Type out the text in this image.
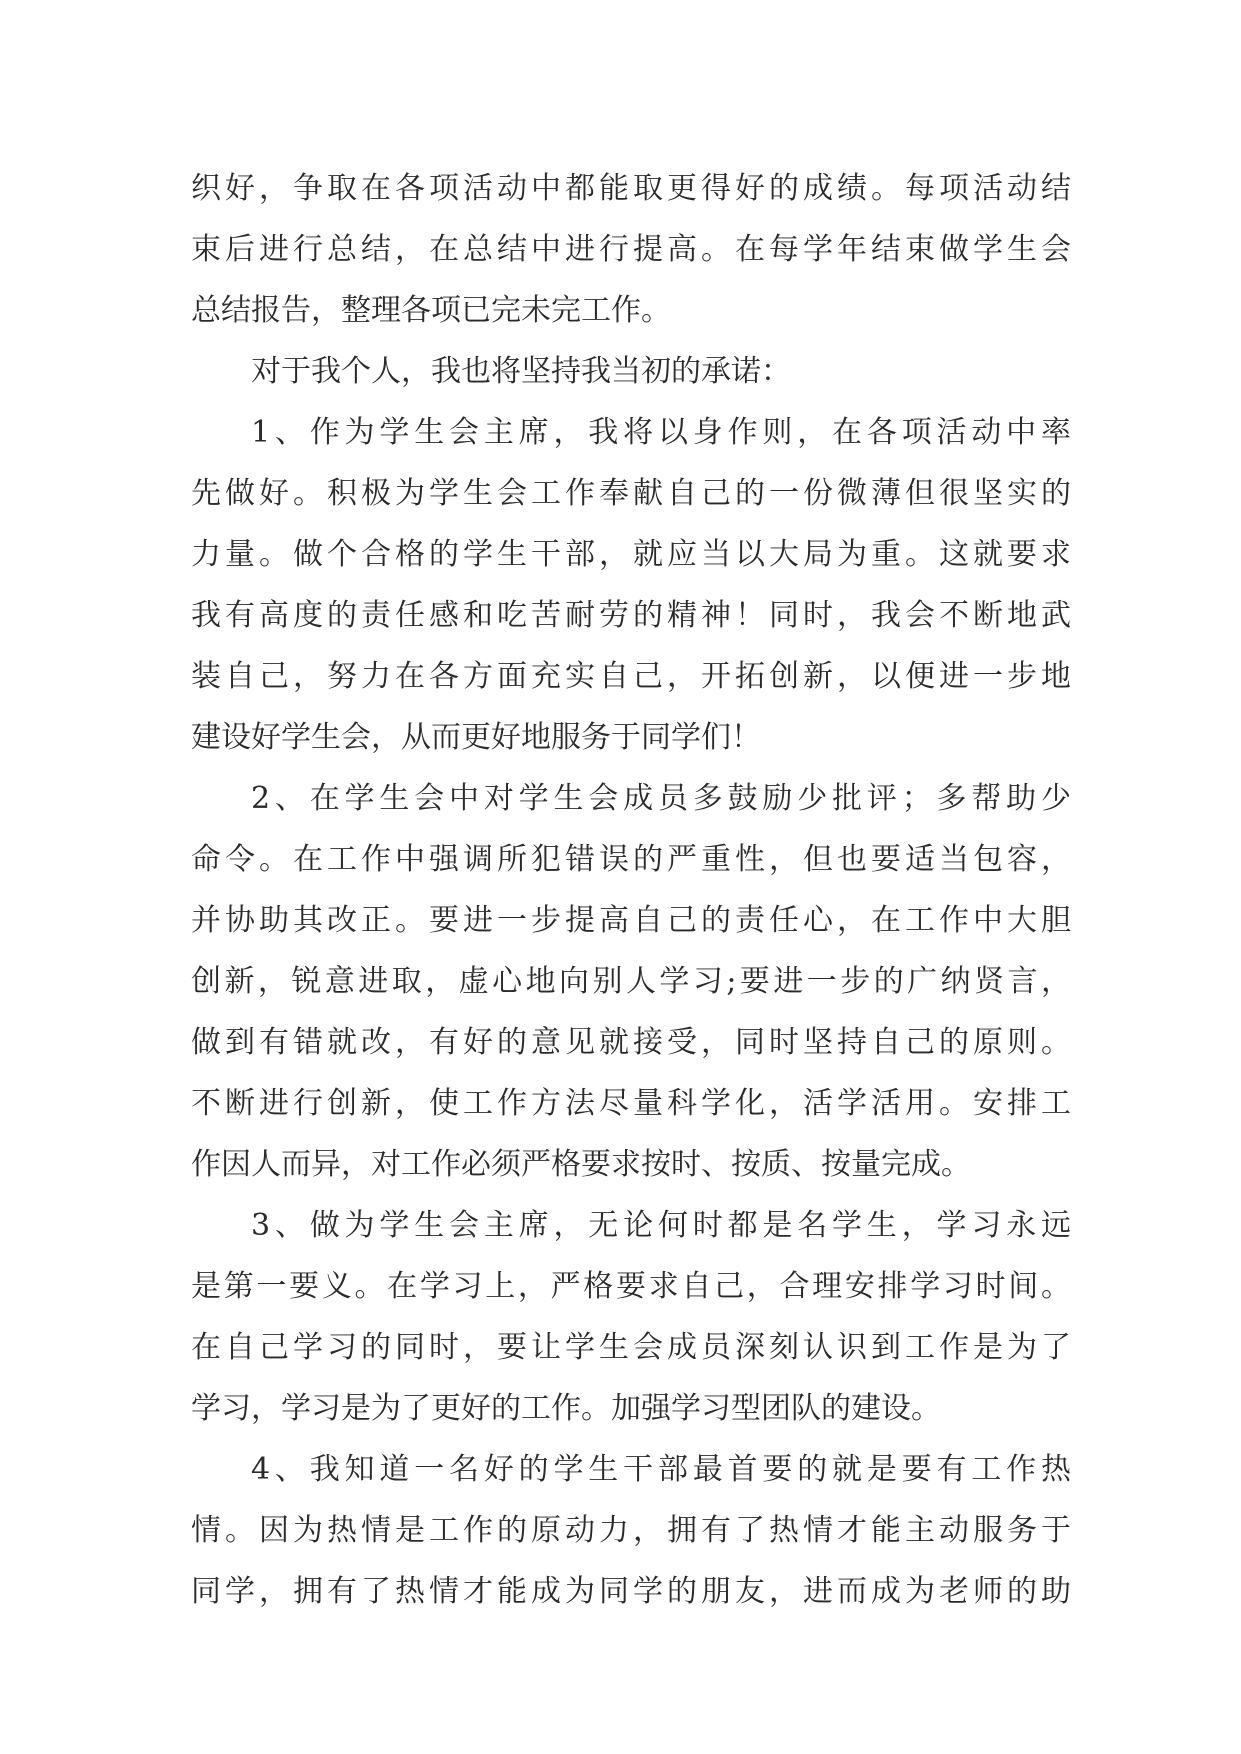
织好，争取在各项活动中都能取更得好的成绩。每项活动结
束后进行总结，在总结中进行提高。在每学年结束做学生会
总结报告，整理各项已完未完工作。
对于我个人，我也将坚持我当初的承诺：
1、作为学生会主席，我将以身作则，在各项活动中率
先做好。积极为学生会工作奉献自己的一份微薄但很坚实的
力量。做个合格的学生干部，就应当以大局为重。这就要求
我有高度的责任感和吃苦耐劳的精神！同时，我会不断地武
装自己，努力在各方面充实自己，开拓创新，以便进一步地
建设好学生会，从而更好地服务于同学们！
2、在学生会中对学生会成员多鼓励少批评；多帮助少
命令。在工作中强调所犯错误的严重性，但也要适当包容，
并协助其改正。要进一步提高自己的责任心，在工作中大胆
创新，锐意进取，虚心地向别人学习;要进一步的广纳贤言，
做到有错就改，有好的意见就接受，同时坚持自己的原则。
不断进行创新，使工作方法尽量科学化，活学活用。安排工
作因人而异，对工作必须严格要求按时、按质、按量完成。
3、做为学生会主席，无论何时都是名学生，学习永远
是第一要义。在学习上，严格要求自己，合理安排学习时间。
在自己学习的同时，要让学生会成员深刻认识到工作是为了
学习，学习是为了更好的工作。加强学习型团队的建设。
4、我知道一名好的学生干部最首要的就是要有工作热
情。因为热情是工作的原动力，拥有了热情才能主动服务于
同学，拥有了热情才能成为同学的朋友，进而成为老师的助
